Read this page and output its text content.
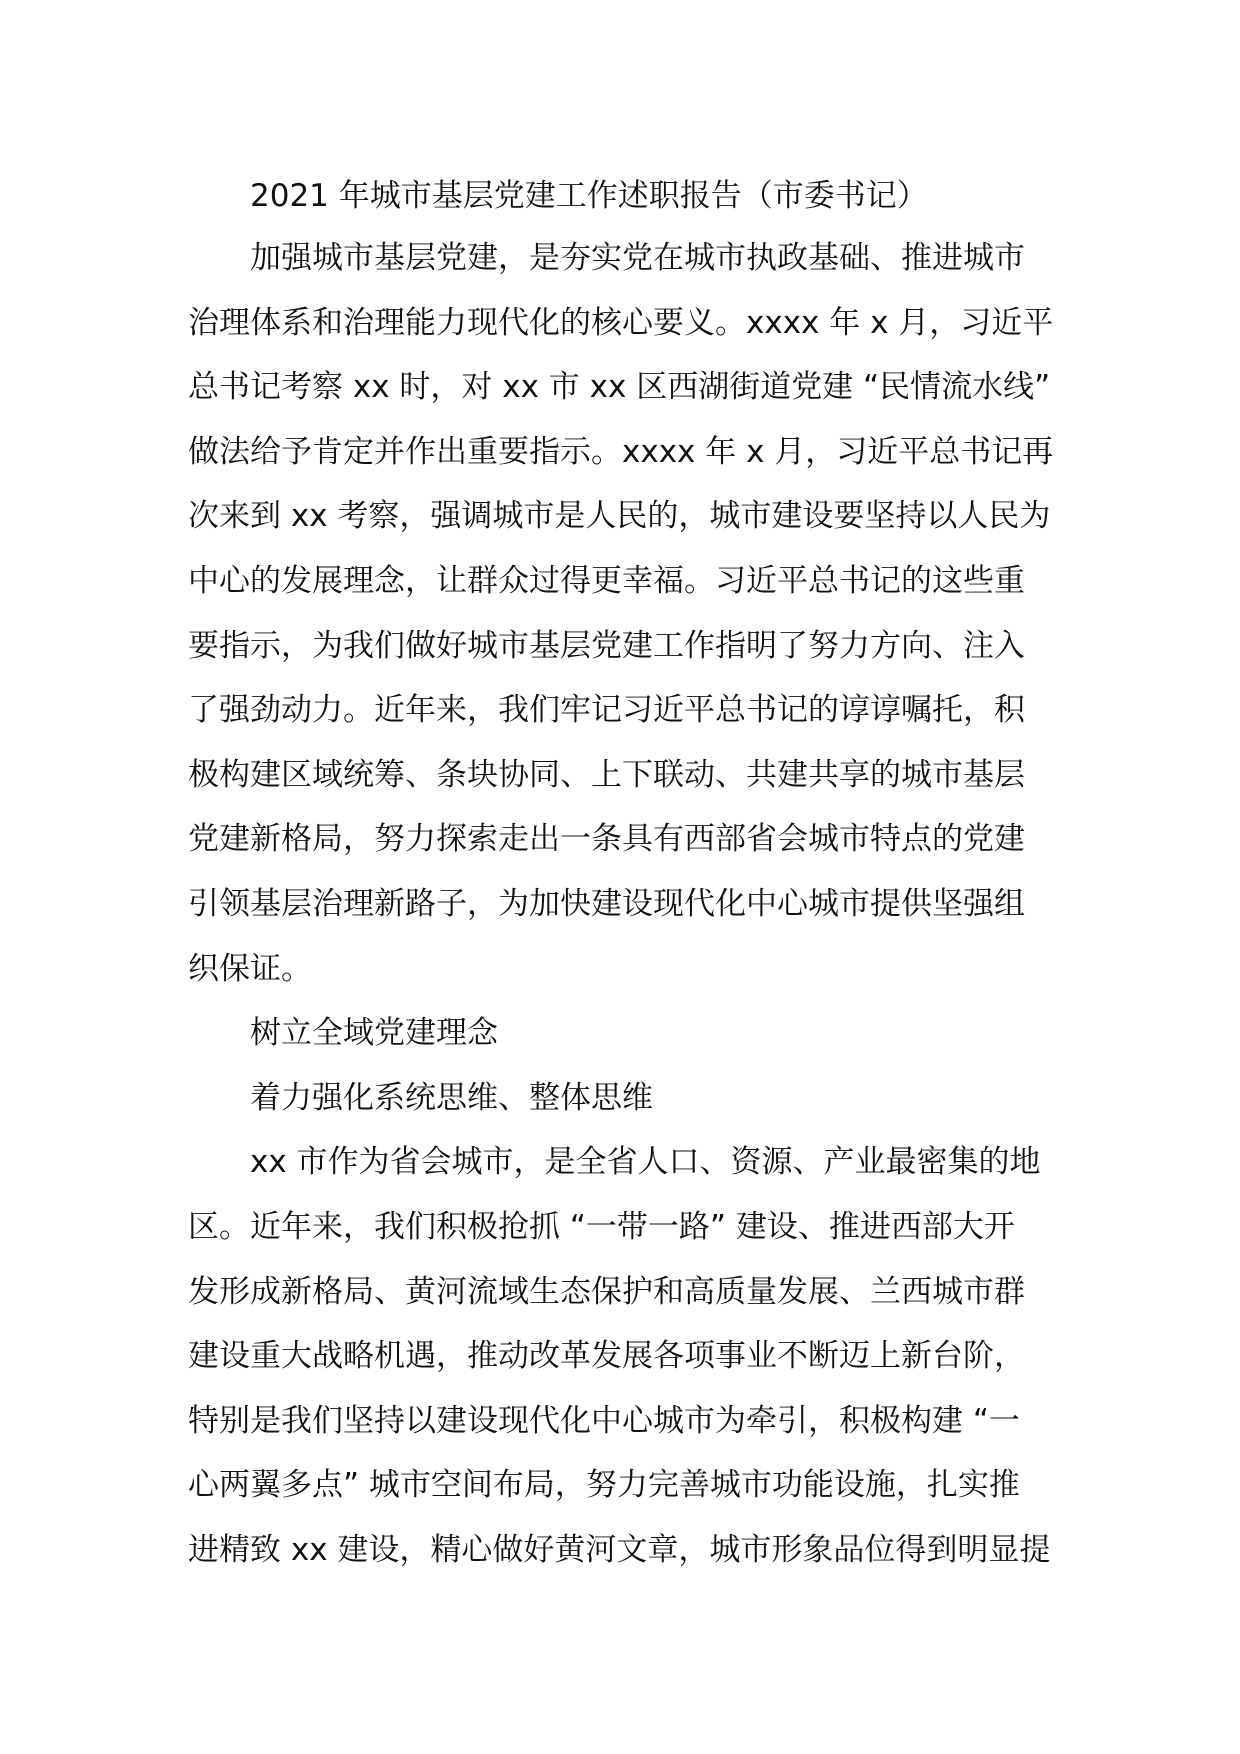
2021 年城市基层党建工作述职报告（市委书记）
加强城市基层党建，是夯实党在城市执政基础、推进城市
治理体系和治理能力现代化的核心要义。xxxx 年 x 月，习近平
总书记考察 xx 时，对 xx 市 xx 区西湖街道党建 “民情流水线”
做法给予肯定并作出重要指示。xxxx 年 x 月，习近平总书记再
次来到 xx 考察，强调城市是人民的，城市建设要坚持以人民为
中心的发展理念，让群众过得更幸福。习近平总书记的这些重
要指示，为我们做好城市基层党建工作指明了努力方向、注入
了强劲动力。近年来，我们牢记习近平总书记的谆谆嘱托，积
极构建区域统筹、条块协同、上下联动、共建共享的城市基层
党建新格局，努力探索走出一条具有西部省会城市特点的党建
引领基层治理新路子，为加快建设现代化中心城市提供坚强组
织保证。
树立全域党建理念
着力强化系统思维、整体思维
xx 市作为省会城市，是全省人口、资源、产业最密集的地
区。近年来，我们积极抢抓 “一带一路” 建设、推进西部大开
发形成新格局、黄河流域生态保护和高质量发展、兰西城市群
建设重大战略机遇，推动改革发展各项事业不断迈上新台阶，
特别是我们坚持以建设现代化中心城市为牵引，积极构建 “一
心两翼多点” 城市空间布局，努力完善城市功能设施，扎实推
进精致 xx 建设，精心做好黄河文章，城市形象品位得到明显提
